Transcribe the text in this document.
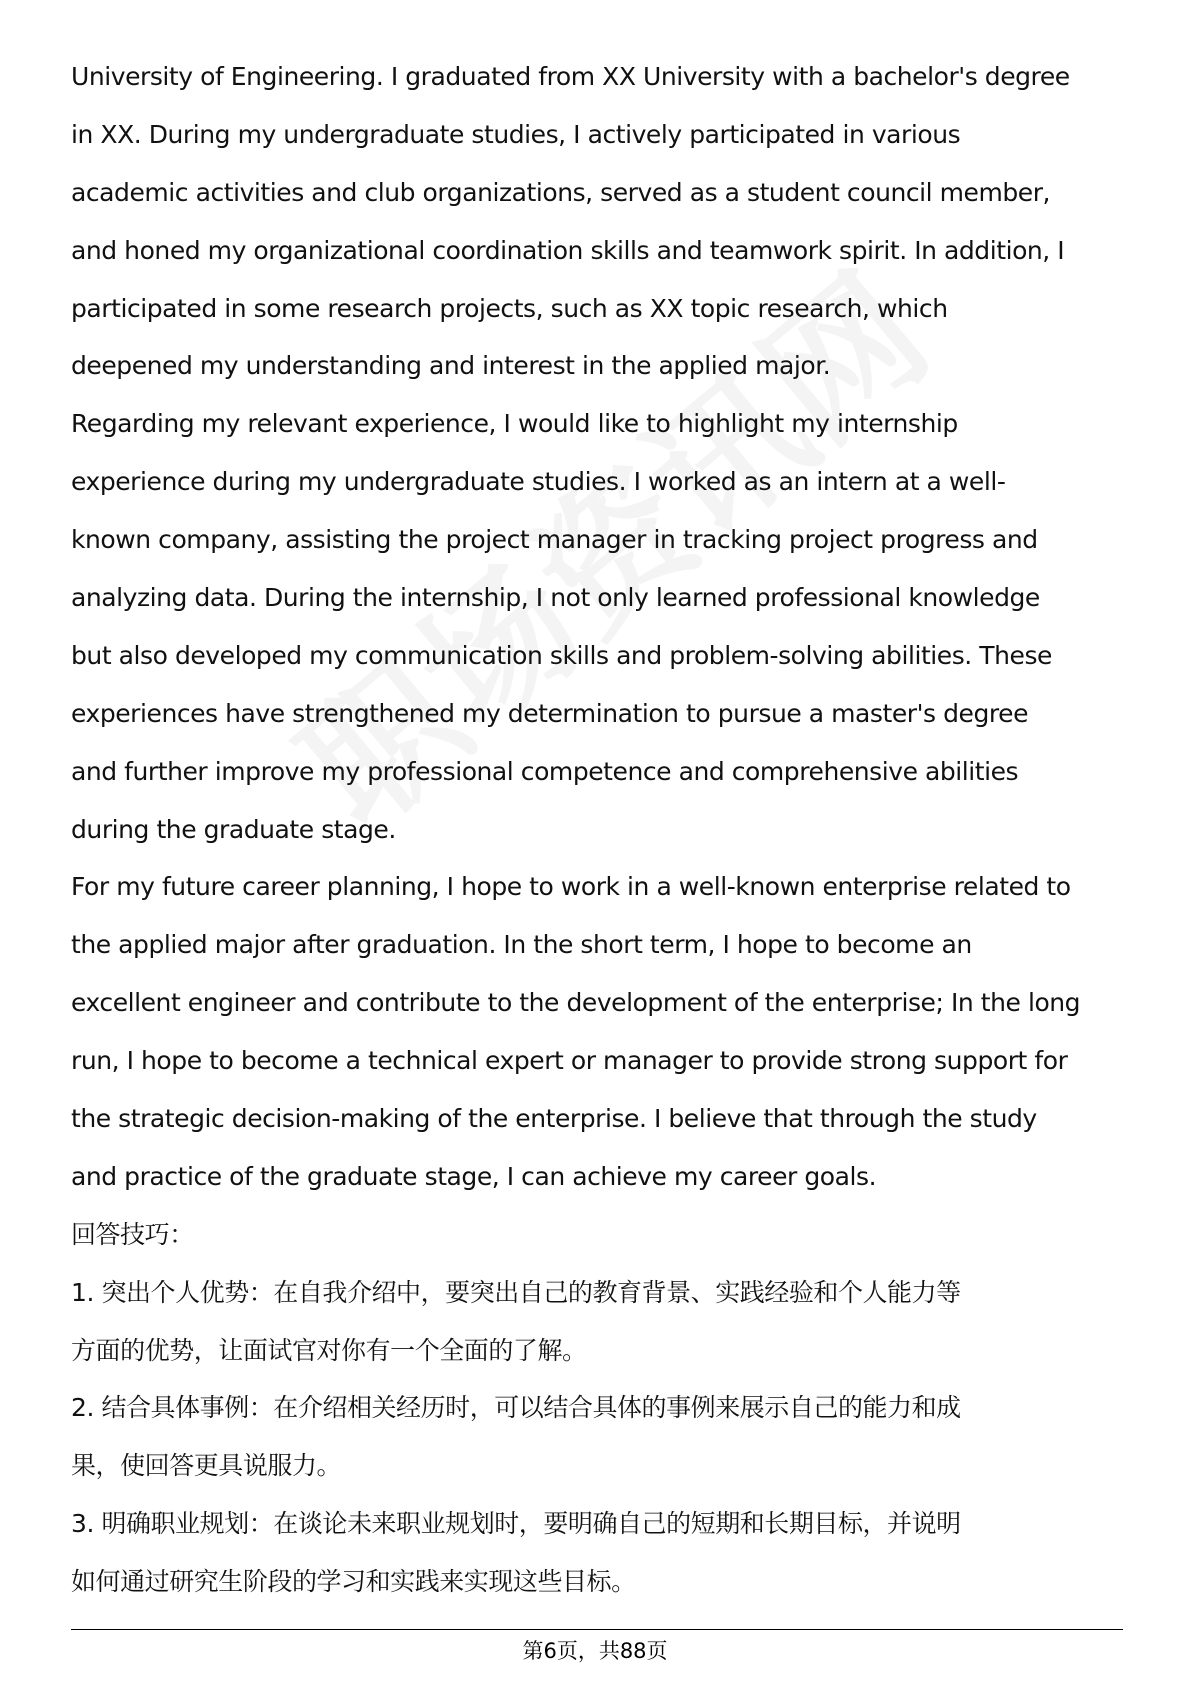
University of Engineering. I graduated from XX University with a bachelor's degree
in XX. During my undergraduate studies, I actively participated in various
academic activities and club organizations, served as a student council member,
and honed my organizational coordination skills and teamwork spirit. In addition, I
participated in some research projects, such as XX topic research, which
deepened my understanding and interest in the applied major.
Regarding my relevant experience, I would like to highlight my internship
experience during my undergraduate studies. I worked as an intern at a well-
known company, assisting the project manager in tracking project progress and
analyzing data. During the internship, I not only learned professional knowledge
but also developed my communication skills and problem-solving abilities. These
experiences have strengthened my determination to pursue a master's degree
and further improve my professional competence and comprehensive abilities
during the graduate stage.
For my future career planning, I hope to work in a well-known enterprise related to
the applied major after graduation. In the short term, I hope to become an
excellent engineer and contribute to the development of the enterprise; In the long
run, I hope to become a technical expert or manager to provide strong support for
the strategic decision-making of the enterprise. I believe that through the study
and practice of the graduate stage, I can achieve my career goals.
回答技巧：
1. 突出个人优势：在自我介绍中，要突出自己的教育背景、实践经验和个人能力等
方面的优势，让面试官对你有一个全面的了解。
2. 结合具体事例：在介绍相关经历时，可以结合具体的事例来展示自己的能力和成
果，使回答更具说服力。
3. 明确职业规划：在谈论未来职业规划时，要明确自己的短期和长期目标，并说明
如何通过研究生阶段的学习和实践来实现这些目标。
第6页，共88页
